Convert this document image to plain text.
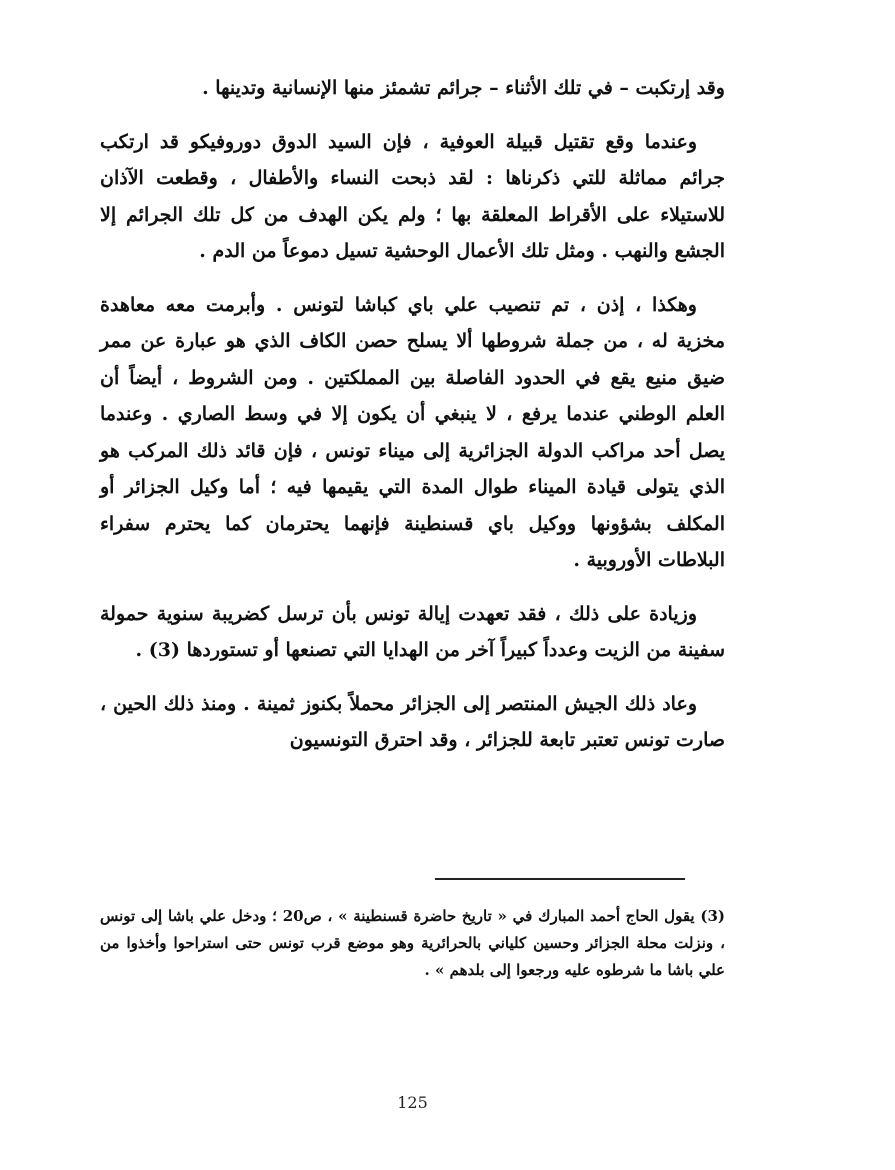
وقد إرتكبت – في تلك الأثناء – جرائم تشمئز منها الإنسانية وتدينها .

وعندما وقع تقتيل قبيلة العوفية ، فإن السيد الدوق دوروفيكو قد ارتكب جرائم مماثلة للتي ذكرناها : لقد ذبحت النساء والأطفال ، وقطعت الآذان للاستيلاء على الأقراط المعلقة بها ؛ ولم يكن الهدف من كل تلك الجرائم إلا الجشع والنهب . ومثل تلك الأعمال الوحشية تسيل دموعاً من الدم .

وهكذا ، إذن ، تم تنصيب علي باي كباشا لتونس . وأبرمت معه معاهدة مخزية له ، من جملة شروطها ألا يسلح حصن الكاف الذي هو عبارة عن ممر ضيق منيع يقع في الحدود الفاصلة بين المملكتين . ومن الشروط ، أيضاً أن العلم الوطني عندما يرفع ، لا ينبغي أن يكون إلا في وسط الصاري . وعندما يصل أحد مراكب الدولة الجزائرية إلى ميناء تونس ، فإن قائد ذلك المركب هو الذي يتولى قيادة الميناء طوال المدة التي يقيمها فيه ؛ أما وكيل الجزائر أو المكلف بشؤونها ووكيل باي قسنطينة فإنهما يحترمان كما يحترم سفراء البلاطات الأوروبية .

وزيادة على ذلك ، فقد تعهدت إيالة تونس بأن ترسل كضريبة سنوية حمولة سفينة من الزيت وعدداً كبيراً آخر من الهدايا التي تصنعها أو تستوردها (3) .

وعاد ذلك الجيش المنتصر إلى الجزائر محملاً بكنوز ثمينة . ومنذ ذلك الحين ، صارت تونس تعتبر تابعة للجزائر ، وقد احترق التونسيون

(3) يقول الحاج أحمد المبارك في « تاريخ حاضرة قسنطينة » ، ص20 ؛ ودخل علي باشا إلى تونس ، ونزلت محلة الجزائر وحسين كلياني بالحرائرية وهو موضع قرب تونس حتى استراحوا وأخذوا من علي باشا ما شرطوه عليه ورجعوا إلى بلدهم » .

125
